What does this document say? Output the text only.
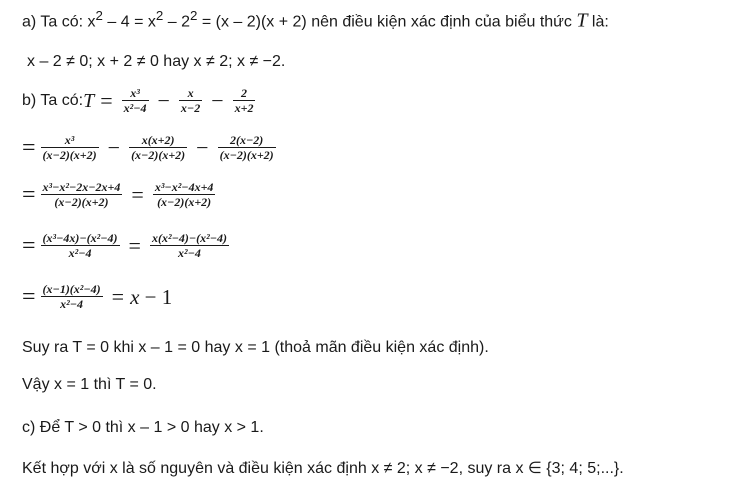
a) Ta có: $x^2 - 4 = x^2 - 2^2 = (x - 2)(x + 2)$ nên điều kiện xác định của biểu thức T là:
x – 2 ≠ 0; x + 2 ≠ 0 hay x ≠ 2; x ≠ −2.
b) Ta có: $T = \frac{\text{x³}}{\text{x²−4}} - \frac{x}{x-2} - \frac{2}{x+2}$
= $\frac{\text{x³}}{(x-2)(x+2)} - \frac{x(x+2)}{(x-2)(x+2)} - \frac{2(x-2)}{(x-2)(x+2)}$
= $\frac{\text{x³−x²−2x−2x+4}}{(x-2)(x+2)} = \frac{\text{x³−x²−4x+4}}{(x-2)(x+2)}$
= $\frac{\text{(x³−4x)−(x²−4)}}{\text{x²−4}} = \frac{\text{x(x²−4)−(x²−4)}}{\text{x²−4}}$
= $\frac{\text{(x−1)(x²−4)}}{\text{x²−4}} = x - 1$
Suy ra T = 0 khi x – 1 = 0 hay x = 1 (thoả mãn điều kiện xác định).
Vậy x = 1 thì T = 0.
c) Để T > 0 thì x – 1 > 0 hay x > 1.
Kết hợp với x là số nguyên và điều kiện xác định x ≠ 2; x ≠ −2, suy ra x ∈ {3; 4; 5;...}.
